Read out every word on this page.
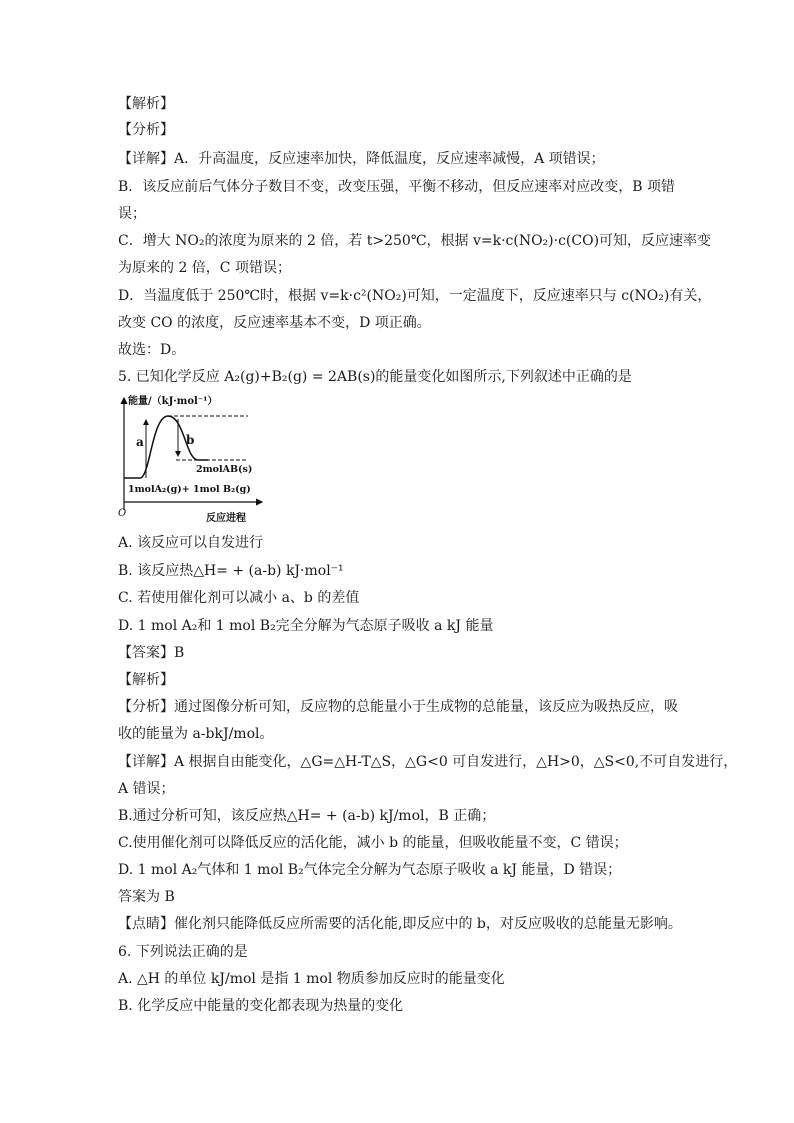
【解析】
【分析】
【详解】A．升高温度，反应速率加快，降低温度，反应速率减慢，A 项错误；
B．该反应前后气体分子数目不变，改变压强，平衡不移动，但反应速率对应改变，B 项错
误；
C．增大 NO₂的浓度为原来的 2 倍，若 t>250℃，根据 v=k·c(NO₂)·c(CO)可知，反应速率变
为原来的 2 倍，C 项错误；
D．当温度低于 250℃时，根据 v=k·c²(NO₂)可知，一定温度下，反应速率只与 c(NO₂)有关，
改变 CO 的浓度，反应速率基本不变，D 项正确。
故选：D。
5. 已知化学反应 A₂(g)+B₂(g) = 2AB(s)的能量变化如图所示,下列叙述中正确的是
能量/（kJ·mol⁻¹）
反应进程
O
a	b
2molAB(s)
1molA₂(g)+ 1mol B₂(g)
A. 该反应可以自发进行
B. 该反应热△H= + (a-b) kJ·mol⁻¹
C. 若使用催化剂可以减小 a、b 的差值
D. 1 mol A₂和 1 mol B₂完全分解为气态原子吸收 a kJ 能量
【答案】B
【解析】
【分析】通过图像分析可知，反应物的总能量小于生成物的总能量，该反应为吸热反应，吸
收的能量为 a-bkJ/mol。
【详解】A 根据自由能变化，△G=△H-T△S，△G<0 可自发进行，△H>0，△S<0,不可自发进行，
A 错误；
B.通过分析可知，该反应热△H= + (a-b) kJ/mol，B 正确；
C.使用催化剂可以降低反应的活化能，减小 b 的能量，但吸收能量不变，C 错误；
D. 1 mol A₂气体和 1 mol B₂气体完全分解为气态原子吸收 a kJ 能量，D 错误；
答案为 B
【点睛】催化剂只能降低反应所需要的活化能,即反应中的 b，对反应吸收的总能量无影响。
6. 下列说法正确的是
A. △H 的单位 kJ/mol 是指 1 mol 物质参加反应时的能量变化
B. 化学反应中能量的变化都表现为热量的变化
